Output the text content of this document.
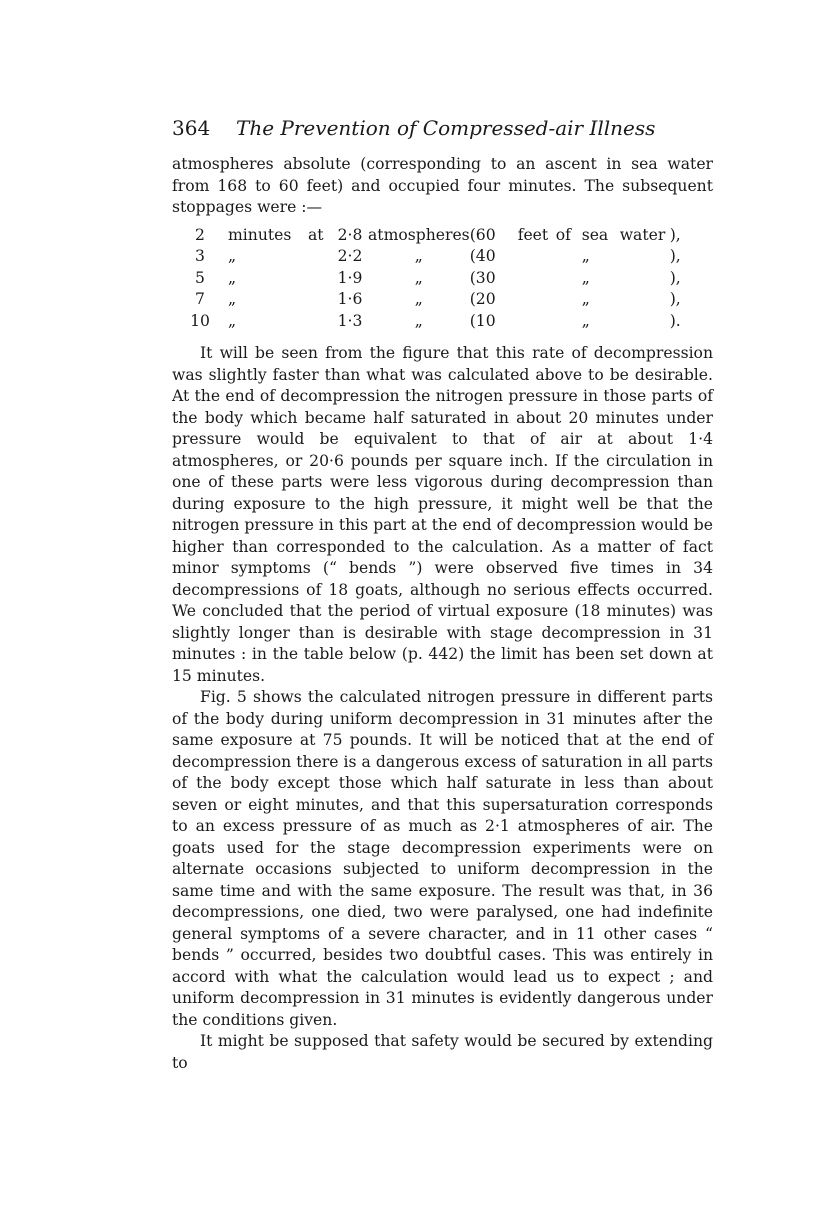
364 The Prevention of Compressed-air Illness

atmospheres absolute (corresponding to an ascent in sea water from 168 to 60 feet) and occupied four minutes. The subsequent stoppages were :—

2	minutes	at	2·8	atmospheres	(60	feet	of	sea	water	),
3	„		2·2	„	(40			„		),
5	„		1·9	„	(30			„		),
7	„		1·6	„	(20			„		),
10	„		1·3	„	(10			„		).

It will be seen from the figure that this rate of decompression was slightly faster than what was calculated above to be desirable. At the end of decompression the nitrogen pressure in those parts of the body which became half saturated in about 20 minutes under pressure would be equivalent to that of air at about 1·4 atmospheres, or 20·6 pounds per square inch. If the circulation in one of these parts were less vigorous during decompression than during exposure to the high pressure, it might well be that the nitrogen pressure in this part at the end of decompression would be higher than corresponded to the calculation. As a matter of fact minor symptoms (“ bends ”) were observed five times in 34 decompressions of 18 goats, although no serious effects occurred. We concluded that the period of virtual exposure (18 minutes) was slightly longer than is desirable with stage decompression in 31 minutes : in the table below (p. 442) the limit has been set down at 15 minutes.

Fig. 5 shows the calculated nitrogen pressure in different parts of the body during uniform decompression in 31 minutes after the same exposure at 75 pounds. It will be noticed that at the end of decompression there is a dangerous excess of saturation in all parts of the body except those which half saturate in less than about seven or eight minutes, and that this supersaturation corresponds to an excess pressure of as much as 2·1 atmospheres of air. The goats used for the stage decompression experiments were on alternate occasions subjected to uniform decompression in the same time and with the same exposure. The result was that, in 36 decompressions, one died, two were paralysed, one had indefinite general symptoms of a severe character, and in 11 other cases “ bends ” occurred, besides two doubtful cases. This was entirely in accord with what the calculation would lead us to expect ; and uniform decompression in 31 minutes is evidently dangerous under the conditions given.

It might be supposed that safety would be secured by extending to
